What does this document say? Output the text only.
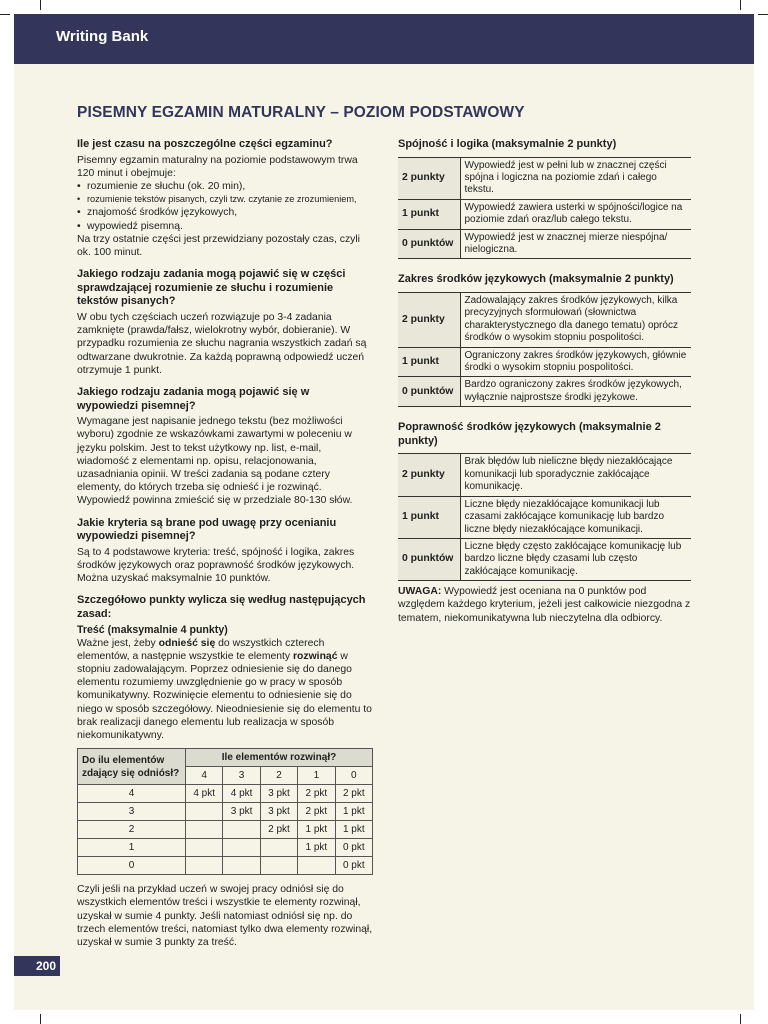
Writing Bank
PISEMNY EGZAMIN MATURALNY – POZIOM PODSTAWOWY
Ile jest czasu na poszczególne części egzaminu?

Pisemny egzamin maturalny na poziomie podstawowym trwa 120 minut i obejmuje:

• rozumienie ze słuchu (ok. 20 min),
• rozumienie tekstów pisanych, czyli tzw. czytanie ze zrozumieniem,
• znajomość środków językowych,
• wypowiedź pisemną.

Na trzy ostatnie części jest przewidziany pozostały czas, czyli ok. 100 minut.

Jakiego rodzaju zadania mogą pojawić się w części sprawdzającej rozumienie ze słuchu i rozumienie tekstów pisanych?

W obu tych częściach uczeń rozwiązuje po 3-4 zadania zamknięte (prawda/fałsz, wielokrotny wybór, dobieranie). W przypadku rozumienia ze słuchu nagrania wszystkich zadań są odtwarzane dwukrotnie. Za każdą poprawną odpowiedź uczeń otrzymuje 1 punkt.

Jakiego rodzaju zadania mogą pojawić się w wypowiedzi pisemnej?

Wymagane jest napisanie jednego tekstu (bez możliwości wyboru) zgodnie ze wskazówkami zawartymi w poleceniu w języku polskim. Jest to tekst użytkowy np. list, e-mail, wiadomość z elementami np. opisu, relacjonowania, uzasadniania opinii. W treści zadania są podane cztery elementy, do których trzeba się odnieść i je rozwinąć. Wypowiedź powinna zmieścić się w przedziale 80-130 słów.

Jakie kryteria są brane pod uwagę przy ocenianiu wypowiedzi pisemnej?

Są to 4 podstawowe kryteria: treść, spójność i logika, zakres środków językowych oraz poprawność środków językowych. Można uzyskać maksymalnie 10 punktów.

Szczegółowo punkty wylicza się według następujących zasad:
Treść (maksymalnie 4 punkty)

Ważne jest, żeby odnieść się do wszystkich czterech elementów, a następnie wszystkie te elementy rozwinąć w stopniu zadowalającym. Poprzez odniesienie się do danego elementu rozumiemy uwzględnienie go w pracy w sposób komunikatywny. Rozwinięcie elementu to odniesienie się do niego w sposób szczegółowy. Nieodniesienie się do elementu to brak realizacji danego elementu lub realizacja w sposób niekomunikatywny.

Do ilu elementów zdający się odniósł?	Ile elementów rozwinął?				
	4	3	2	1	0
4	4 pkt	4 pkt	3 pkt	2 pkt	2 pkt
3		3 pkt	3 pkt	2 pkt	1 pkt
2			2 pkt	1 pkt	1 pkt
1				1 pkt	0 pkt
0					0 pkt

Czyli jeśli na przykład uczeń w swojej pracy odniósł się do wszystkich elementów treści i wszystkie te elementy rozwinął, uzyskał w sumie 4 punkty. Jeśli natomiast odniósł się np. do trzech elementów treści, natomiast tylko dwa elementy rozwinął, uzyskał w sumie 3 punkty za treść.

Spójność i logika (maksymalnie 2 punkty)
2 punkty	Wypowiedź jest w pełni lub w znacznej części spójna i logiczna na poziomie zdań i całego tekstu.
1 punkt	Wypowiedź zawiera usterki w spójności/logice na poziomie zdań oraz/lub całego tekstu.
0 punktów	Wypowiedź jest w znacznej mierze niespójna/ nielogiczna.
Zakres środków językowych (maksymalnie 2 punkty)
2 punkty	Zadowalający zakres środków językowych, kilka precyzyjnych sformułowań (słownictwa charakterystycznego dla danego tematu) oprócz środków o wysokim stopniu pospolitości.
1 punkt	Ograniczony zakres środków językowych, głównie środki o wysokim stopniu pospolitości.
0 punktów	Bardzo ograniczony zakres środków językowych, wyłącznie najprostsze środki językowe.
Poprawność środków językowych (maksymalnie 2 punkty)
2 punkty	Brak błędów lub nieliczne błędy niezakłócające komunikacji lub sporadycznie zakłócające komunikację.
1 punkt	Liczne błędy niezakłócające komunikacji lub czasami zakłócające komunikację lub bardzo liczne błędy niezakłócające komunikacji.
0 punktów	Liczne błędy często zakłócające komunikację lub bardzo liczne błędy czasami lub często zakłócające komunikację.

UWAGA: Wypowiedź jest oceniana na 0 punktów pod względem każdego kryterium, jeżeli jest całkowicie niezgodna z tematem, niekomunikatywna lub nieczytelna dla odbiorcy.

200
